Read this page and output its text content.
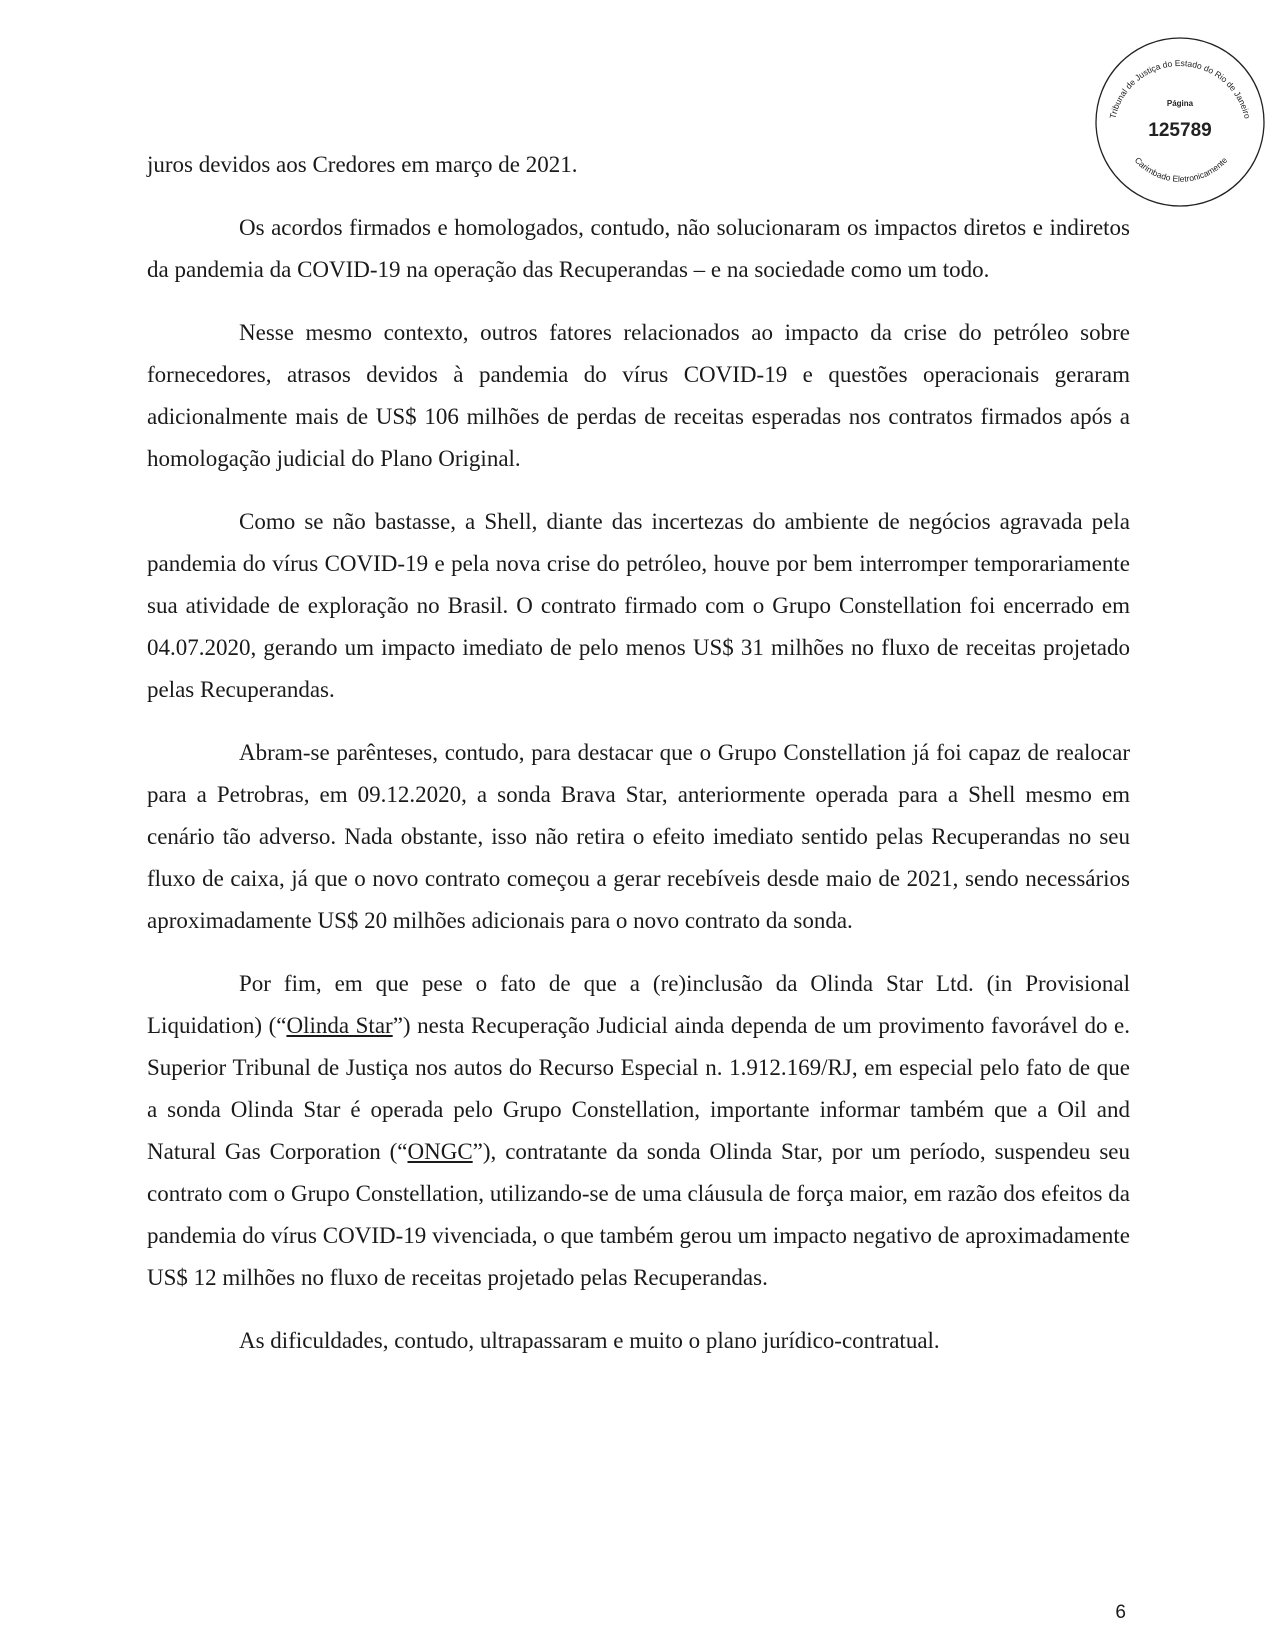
Tribunal de Justiça do Estado do Rio de Janeiro
Carimbado Eletronicamente
Página
125789

juros devidos aos Credores em março de 2021.

Os acordos firmados e homologados, contudo, não solucionaram os impactos diretos e indiretos da pandemia da COVID-19 na operação das Recuperandas – e na sociedade como um todo.

Nesse mesmo contexto, outros fatores relacionados ao impacto da crise do petróleo sobre fornecedores, atrasos devidos à pandemia do vírus COVID-19 e questões operacionais geraram adicionalmente mais de US$ 106 milhões de perdas de receitas esperadas nos contratos firmados após a homologação judicial do Plano Original.

Como se não bastasse, a Shell, diante das incertezas do ambiente de negócios agravada pela pandemia do vírus COVID-19 e pela nova crise do petróleo, houve por bem interromper temporariamente sua atividade de exploração no Brasil. O contrato firmado com o Grupo Constellation foi encerrado em 04.07.2020, gerando um impacto imediato de pelo menos US$ 31 milhões no fluxo de receitas projetado pelas Recuperandas.

Abram-se parênteses, contudo, para destacar que o Grupo Constellation já foi capaz de realocar para a Petrobras, em 09.12.2020, a sonda Brava Star, anteriormente operada para a Shell mesmo em cenário tão adverso. Nada obstante, isso não retira o efeito imediato sentido pelas Recuperandas no seu fluxo de caixa, já que o novo contrato começou a gerar recebíveis desde maio de 2021, sendo necessários aproximadamente US$ 20 milhões adicionais para o novo contrato da sonda.

Por fim, em que pese o fato de que a (re)inclusão da Olinda Star Ltd. (in Provisional Liquidation) (“Olinda Star”) nesta Recuperação Judicial ainda dependa de um provimento favorável do e. Superior Tribunal de Justiça nos autos do Recurso Especial n. 1.912.169/RJ, em especial pelo fato de que a sonda Olinda Star é operada pelo Grupo Constellation, importante informar também que a Oil and Natural Gas Corporation (“ONGC”), contratante da sonda Olinda Star, por um período, suspendeu seu contrato com o Grupo Constellation, utilizando-se de uma cláusula de força maior, em razão dos efeitos da pandemia do vírus COVID-19 vivenciada, o que também gerou um impacto negativo de aproximadamente US$ 12 milhões no fluxo de receitas projetado pelas Recuperandas.

As dificuldades, contudo, ultrapassaram e muito o plano jurídico-contratual.

6
